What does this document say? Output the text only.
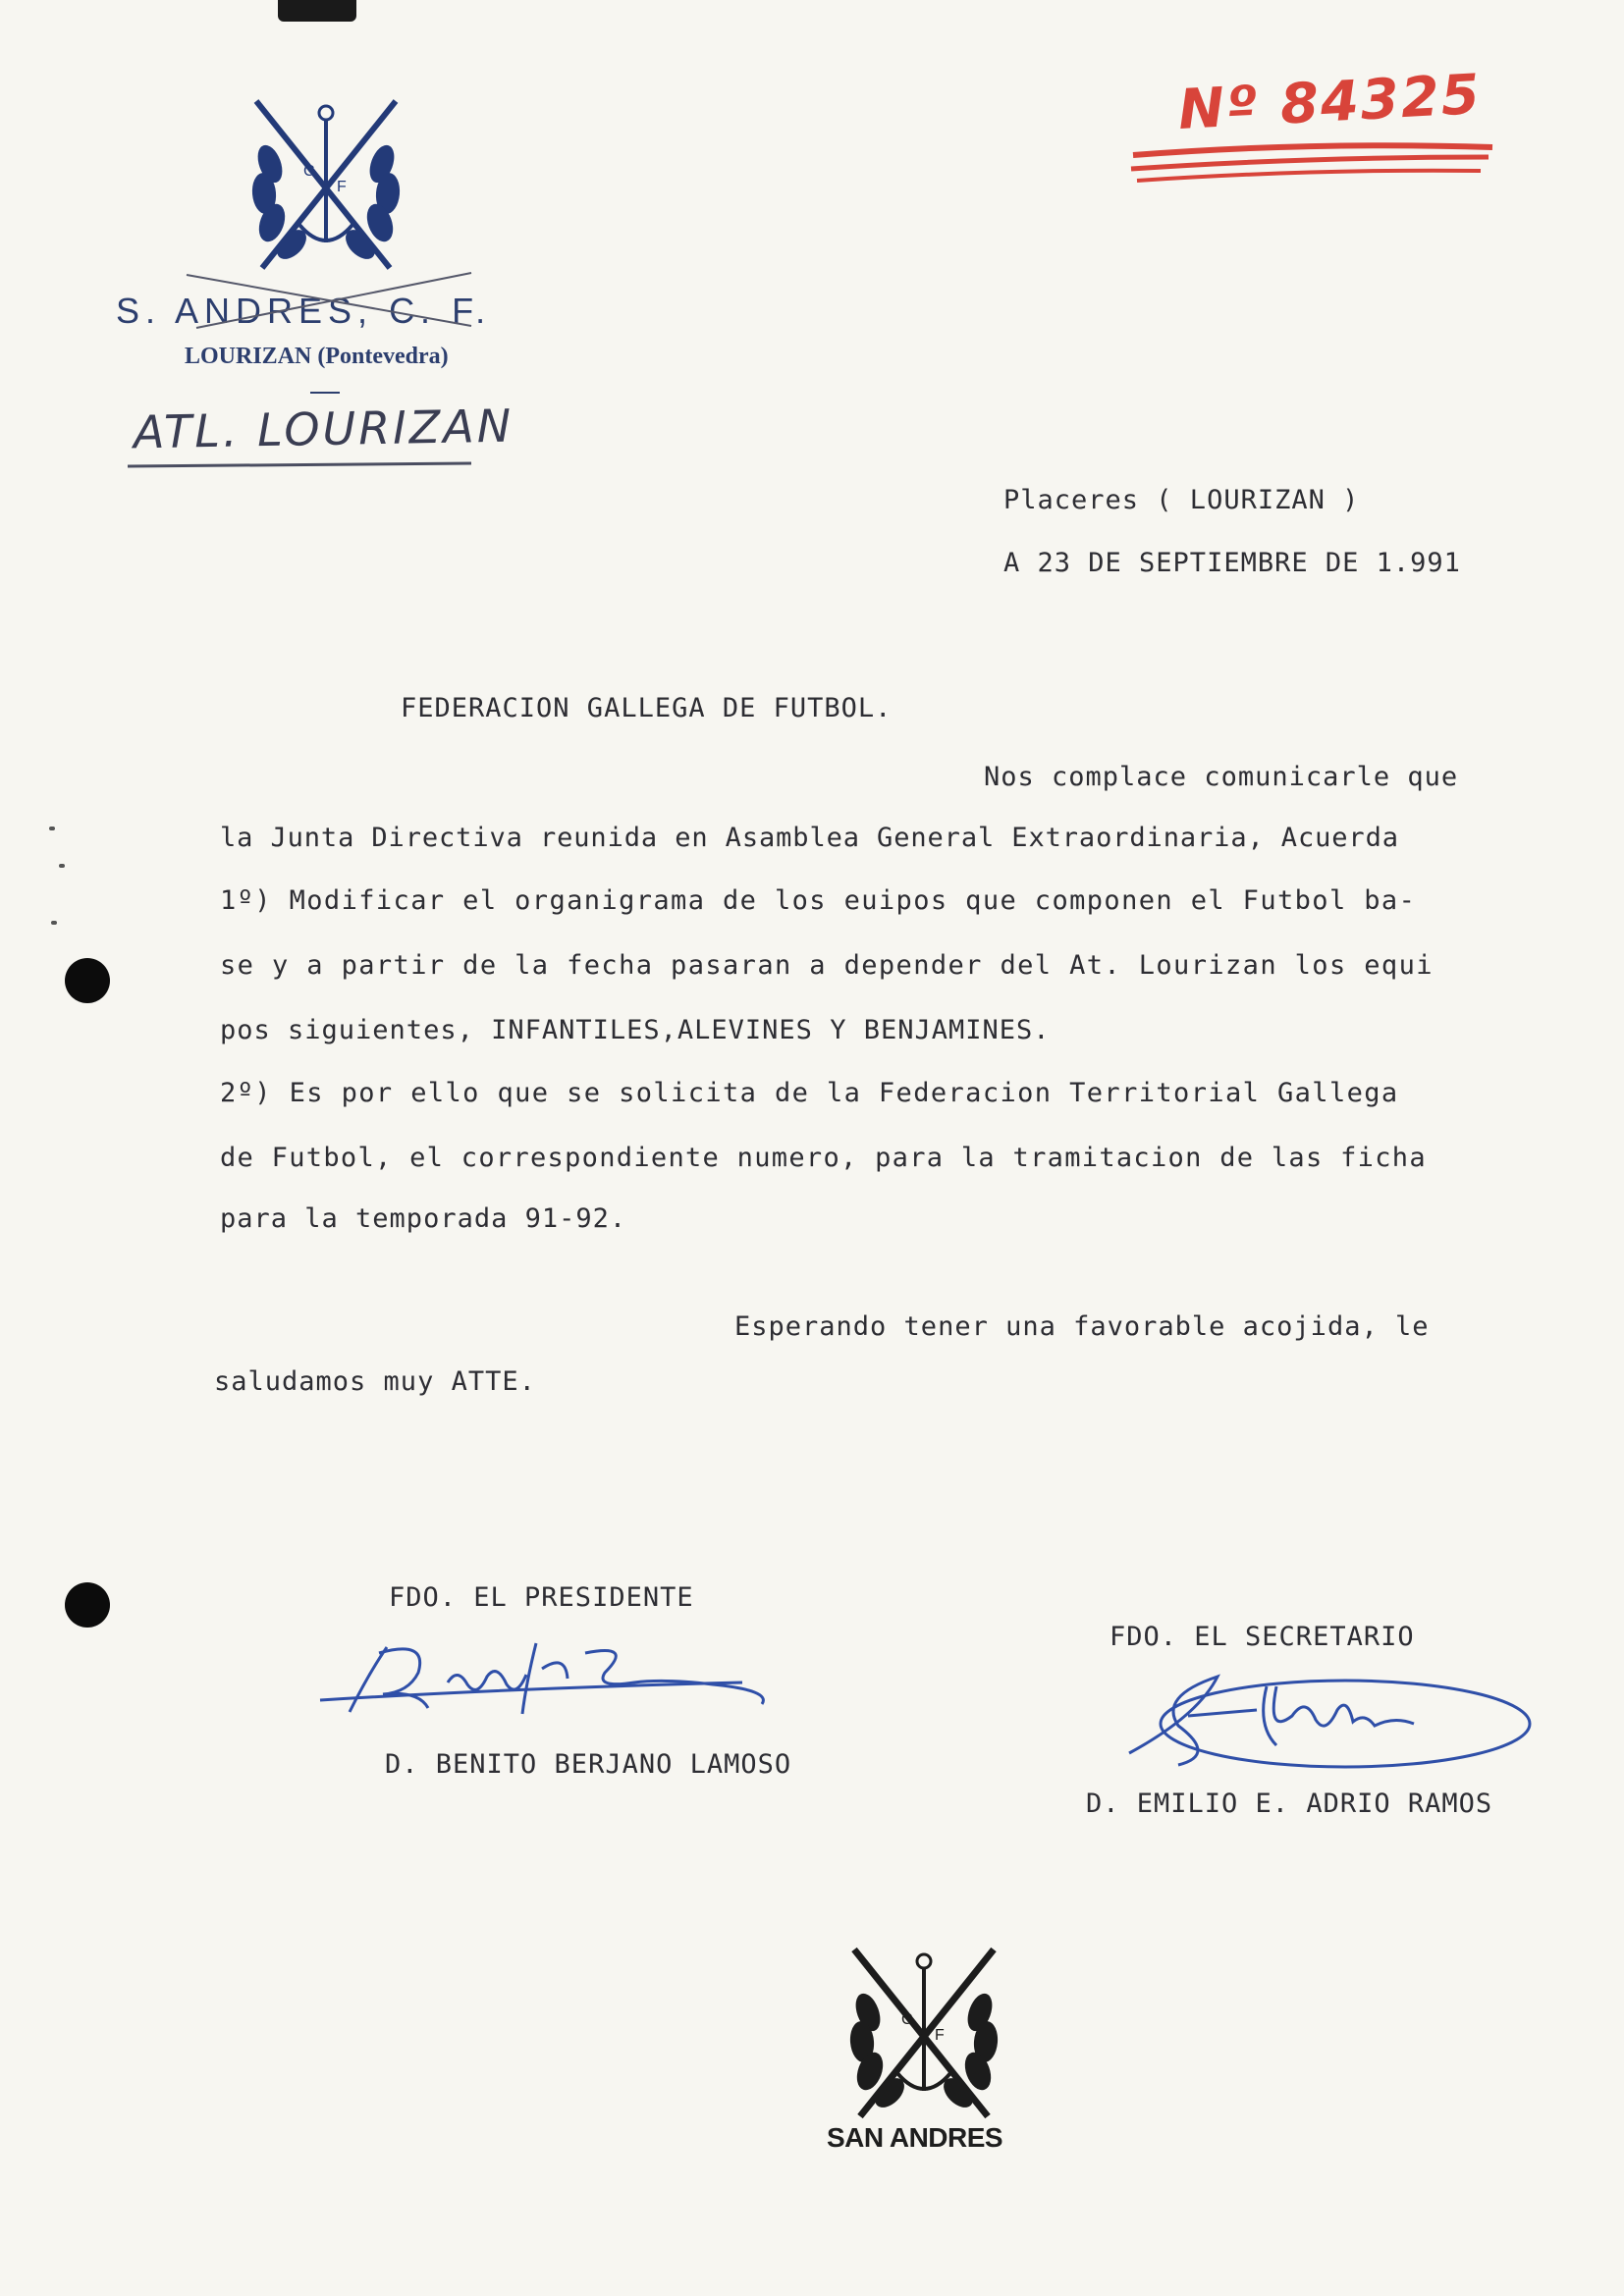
C
F
S. ANDRES, C. F.
LOURIZAN (Pontevedra)
ATL. LOURIZAN
Nº 84325
Placeres ( LOURIZAN )
A 23 DE SEPTIEMBRE DE 1.991
FEDERACION GALLEGA DE FUTBOL.
Nos complace comunicarle que
la Junta Directiva reunida en Asamblea General Extraordinaria, Acuerda
1º) Modificar el organigrama de los euipos que componen el Futbol ba-
se y a partir de la fecha pasaran a depender del At. Lourizan los equi
pos siguientes, INFANTILES,ALEVINES Y BENJAMINES.
2º) Es por ello que se solicita de la Federacion Territorial Gallega
de Futbol, el correspondiente numero, para la tramitacion de las ficha
para la temporada 91-92.
Esperando tener una favorable acojida, le
saludamos muy ATTE.
FDO. EL PRESIDENTE
D. BENITO BERJANO LAMOSO
FDO. EL SECRETARIO
D. EMILIO E. ADRIO RAMOS
C
F
SAN ANDRES
